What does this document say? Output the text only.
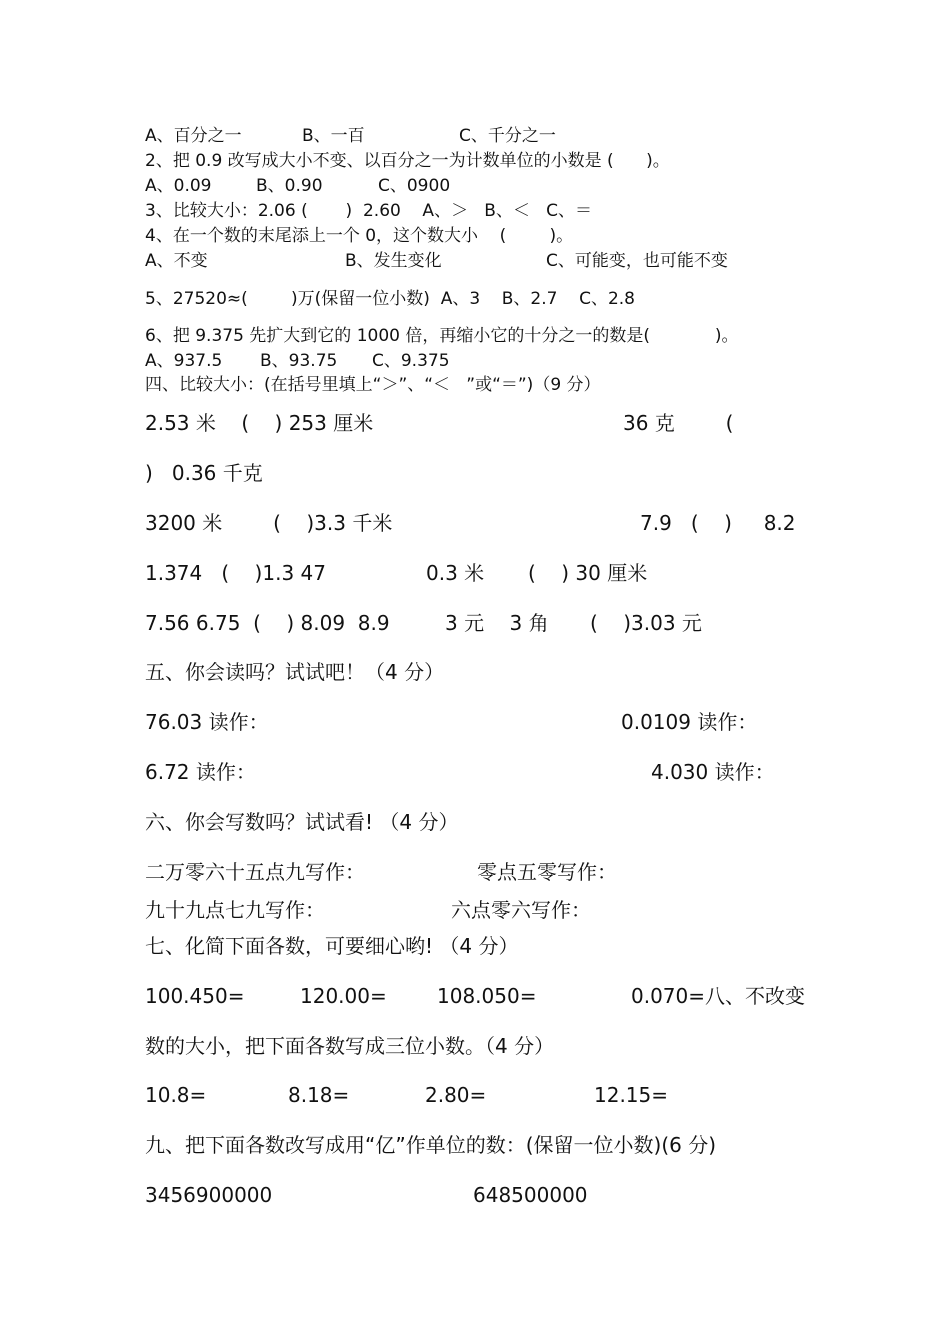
A、百分之一	B、一百	C、千分之一
2、把 0.9 改写成大小不变、以百分之一为计数单位的小数是 (      )。
A、0.09	B、0.90	C、0900
3、比较大小：2.06 (       )  2.60    A、＞   B、＜   C、＝
4、在一个数的末尾添上一个 0，这个数大小    (        )。
A、不变	B、发生变化	C、可能变，也可能不变
5、27520≈(        )万(保留一位小数)  A、3    B、2.7    C、2.8
6、把 9.375 先扩大到它的 1000 倍，再缩小它的十分之一的数是(            )。
A、937.5 B、93.75 C、9.375
四、比较大小：(在括号里填上“＞”、“＜   ”或“＝”)（9 分）
2.53 米    (    ) 253 厘米	36 克        (
)   0.36 千克
3200 米        (    )3.3 千米	7.9   (    )     8.2
1.374   (    )1.3 47	0.3 米 (    ) 30 厘米
7.56 6.75  (    ) 8.09  8.9	3 元    3 角 (    )3.03 元
五、你会读吗？试试吧！（4 分）
76.03 读作：	0.0109 读作：
6.72 读作：	4.030 读作：
六、你会写数吗？试试看! （4 分）
二万零六十五点九写作：	零点五零写作：
九十九点七九写作：	六点零六写作：
七、化简下面各数，可要细心哟! （4 分）
100.450=	120.00=	108.050=	0.070=八、不改变
数的大小，把下面各数写成三位小数。（4 分）
10.8=	8.18=	2.80=	12.15=
九、把下面各数改写成用“亿”作单位的数：(保留一位小数)(6 分)
3456900000	648500000
